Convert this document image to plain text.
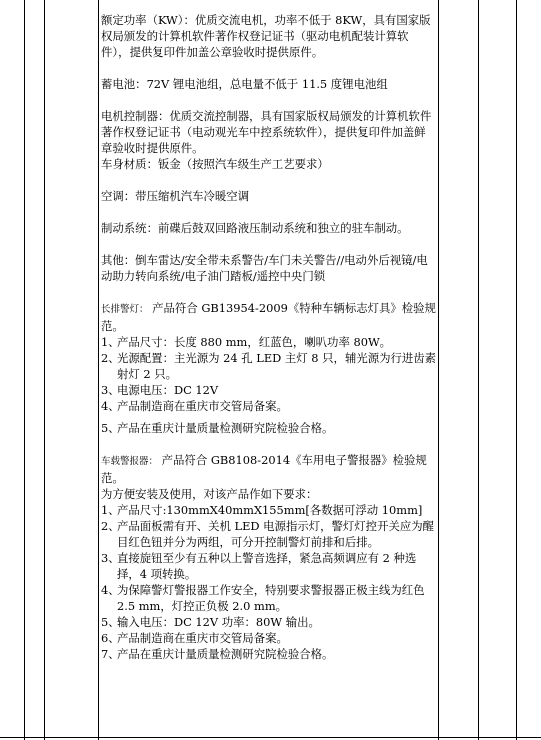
额定功率（KW）：优质交流电机，功率不低于 8KW，具有国家版权局颁发的计算机软件著作权登记证书（驱动电机配装计算软件），提供复印件加盖公章验收时提供原件。

蓄电池：72V 锂电池组，总电量不低于 11.5 度锂电池组

电机控制器：优质交流控制器，具有国家版权局颁发的计算机软件著作权登记证书（电动观光车中控系统软件），提供复印件加盖鲜章验收时提供原件。

车身材质：钣金（按照汽车级生产工艺要求）

空调：带压缩机汽车冷暖空调

制动系统：前碟后鼓双回路液压制动系统和独立的驻车制动。

其他：倒车雷达/安全带未系警告/车门未关警告//电动外后视镜/电动助力转向系统/电子油门踏板/遥控中央门锁

长排警灯： 产品符合 GB13954-2009《特种车辆标志灯具》检验规范。

1、
产品尺寸：长度 880 mm，红蓝色，喇叭功率 80W。
2、
光源配置：主光源为 24 孔 LED 主灯 8 只，辅光源为行进齿素射灯 2 只。
3、
电源电压：DC 12V
4、
产品制造商在重庆市交管局备案。
5、
产品在重庆计量质量检测研究院检验合格。

车载警报器： 产品符合 GB8108-2014《车用电子警报器》检验规范。

为方便安装及使用，对该产品作如下要求：

1、
产品尺寸:130mmX40mmX155mm[各数据可浮动 10mm]
2、
产品面板需有开、关机 LED 电源指示灯，警灯灯控开关应为醒目红色钮并分为两组，可分开控制警灯前排和后排。
3、
直接旋钮至少有五种以上警音选择，紧急高频调应有 2 种选择，4 项转换。
4、
为保障警灯警报器工作安全，特别要求警报器正极主线为红色 2.5 mm，灯控正负极 2.0 mm。
5、
输入电压：DC 12V 功率：80W 输出。
6、
产品制造商在重庆市交管局备案。
7、
产品在重庆计量质量检测研究院检验合格。
